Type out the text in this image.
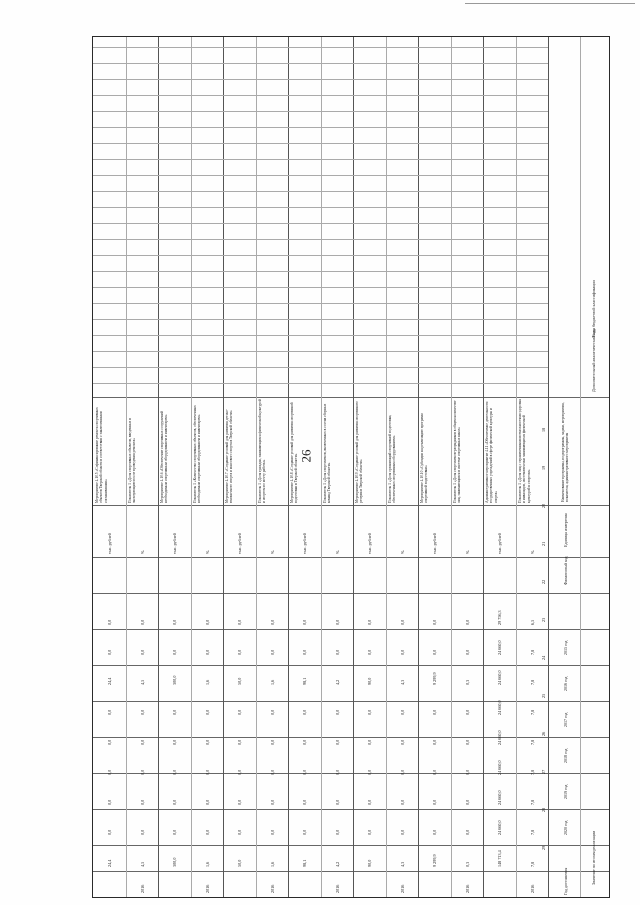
26
Коды бюджетной классификации
Дополнительный аналитический код
Единица измерения
Финансовый код
Значение по итогам реализации
Год достижения
2015 год
2016 год
2017 год
2018 год
2019 год
2020 год
18
19
20
21
22
23
24
25
26
27
28
29
Наименование программы, подпрограммы, задачи, мероприятия, показателя, административного мероприятия
Мероприятие 4.10.5 «Софинансирование ремонта спортивных объектов Тверской области в соответствии с заключенными соглашениями»
тыс. рублей
0,0
0,0
24,4
0,0
0,0
0,0
0,0
0,0
24,4
Показатель 1 «Доля спортивных объектов, введенных в эксплуатацию после проведения ремонта»
%
0,0
0,0
4,5
0,0
0,0
0,0
0,0
0,0
4,5
2016
Мероприятие 4.10.6 «Обеспечение спортивных сооружений необходимым спортивным оборудованием и инвентарем»
тыс. рублей
0,0
0,0
300,0
0,0
0,0
0,0
0,0
0,0
300,0
Показатель 1 «Количество спортивных объектов, обеспеченных необходимым спортивным оборудованием и инвентарем»
%
0,0
0,0
1,6
0,0
0,0
0,0
0,0
0,0
1,6
2016
Мероприятие 4.10.7 «Создание условий для развития детско-юношеского спорта и массового спорта в Тверской области»
тыс. рублей
0,0
0,0
50,0
0,0
0,0
0,0
0,0
0,0
50,0
Показатель 1 «Доля граждан, занимающихся физической культурой и спортом по месту работы»
%
0,0
0,0
1,6
0,0
0,0
0,0
0,0
0,0
1,6
2016
Мероприятие 4.10.8 «Создание условий для развития спортивной подготовки в Тверской области»
тыс. рублей
0,0
0,0
98,1
0,0
0,0
0,0
0,0
0,0
98,1
Показатель 1 «Доля спортсменов, включенных в состав сборных команд Тверской области»
%
0,0
0,0
4,2
0,0
0,0
0,0
0,0
0,0
4,2
2016
Мероприятие 4.10.9 «Создание условий для развития спортивного резерва в Тверской области»
тыс. рублей
0,0
0,0
90,0
0,0
0,0
0,0
0,0
0,0
90,0
Показатель 1 «Доля организаций спортивной подготовки, обеспеченных спортивным оборудованием»
%
0,0
0,0
4,3
0,0
0,0
0,0
0,0
0,0
4,3
2016
Мероприятие 4.10.10 «Субсидии на реализацию программ спортивной подготовки»
тыс. рублей
0,0
0,0
9 299,9
0,0
0,0
0,0
0,0
0,0
9 299,9
Показатель 1 «Доля спортсменов-разрядников в общем количестве лиц, занимающихся в системе спортивных школ»
%
0,0
0,0
0,3
0,0
0,0
0,0
0,0
0,0
0,3
2016
Административное мероприятие 4.11 «Обеспечение деятельности государственных учреждений в сфере физической культуры и спорта»
тыс. рублей
29 756,3
24 660,0
24 660,0
24 660,0
24 660,0
24 660,0
24 660,0
24 660,0
148 713,4
Показатель 1 «Доля лиц с ограниченными возможностями здоровья и инвалидов, систематически занимающихся физической культурой и спортом»
%
6,5
7,8
7,8
7,8
7,8
7,8
7,8
7,8
7,8
2016
